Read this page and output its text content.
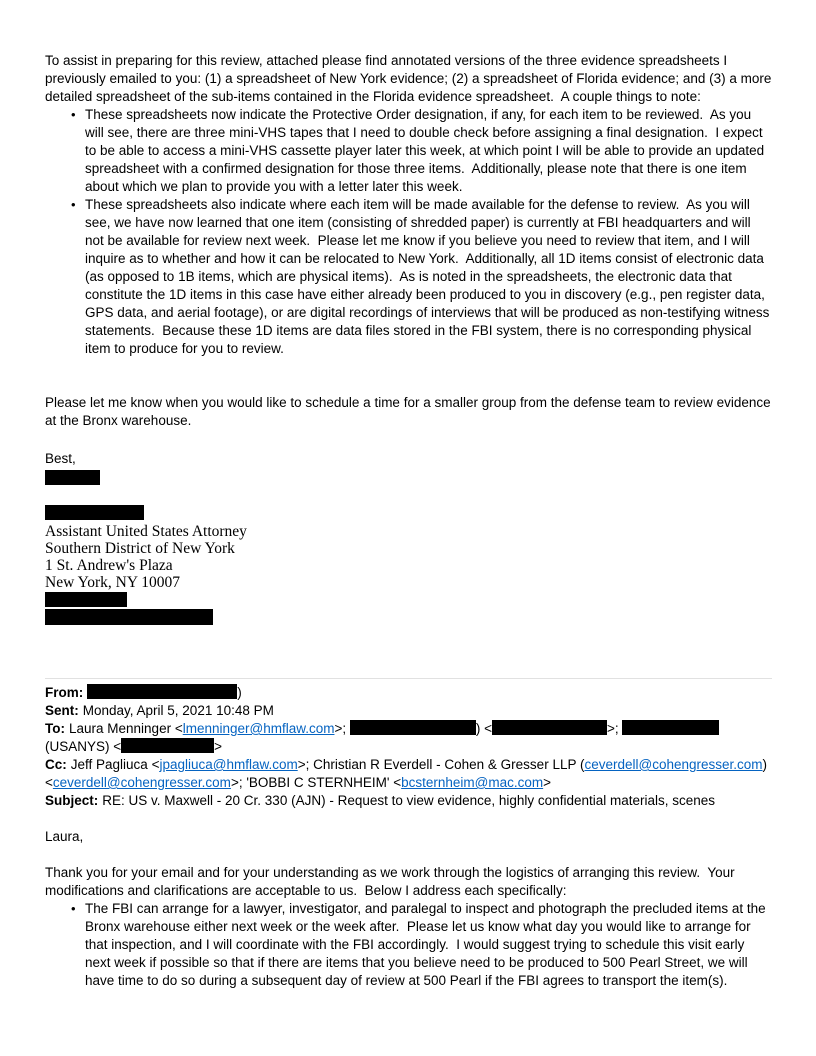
To assist in preparing for this review, attached please find annotated versions of the three evidence spreadsheets I previously emailed to you: (1) a spreadsheet of New York evidence; (2) a spreadsheet of Florida evidence; and (3) a more detailed spreadsheet of the sub-items contained in the Florida evidence spreadsheet.  A couple things to note:

• These spreadsheets now indicate the Protective Order designation, if any, for each item to be reviewed.  As you will see, there are three mini-VHS tapes that I need to double check before assigning a final designation.  I expect to be able to access a mini-VHS cassette player later this week, at which point I will be able to provide an updated spreadsheet with a confirmed designation for those three items.  Additionally, please note that there is one item about which we plan to provide you with a letter later this week.
• These spreadsheets also indicate where each item will be made available for the defense to review.  As you will see, we have now learned that one item (consisting of shredded paper) is currently at FBI headquarters and will not be available for review next week.  Please let me know if you believe you need to review that item, and I will inquire as to whether and how it can be relocated to New York.  Additionally, all 1D items consist of electronic data (as opposed to 1B items, which are physical items).  As is noted in the spreadsheets, the electronic data that constitute the 1D items in this case have either already been produced to you in discovery (e.g., pen register data, GPS data, and aerial footage), or are digital recordings of interviews that will be produced as non-testifying witness statements.  Because these 1D items are data files stored in the FBI system, there is no corresponding physical item to produce for you to review.

Please let me know when you would like to schedule a time for a smaller group from the defense team to review evidence at the Bronx warehouse.

Best,

Assistant United States Attorney
Southern District of New York
1 St. Andrew's Plaza
New York, NY 10007
From:	)
Sent: Monday, April 5, 2021 10:48 PM
To: Laura Menninger <lmenninger@hmflaw.com>;	) <	>;
(USANYS) <	>
Cc: Jeff Pagliuca <jpagliuca@hmflaw.com>; Christian R Everdell - Cohen & Gresser LLP (ceverdell@cohengresser.com)
<ceverdell@cohengresser.com>; 'BOBBI C STERNHEIM' <bcsternheim@mac.com>
Subject: RE: US v. Maxwell - 20 Cr. 330 (AJN) - Request to view evidence, highly confidential materials, scenes

Laura,

Thank you for your email and for your understanding as we work through the logistics of arranging this review.  Your modifications and clarifications are acceptable to us.  Below I address each specifically:

• The FBI can arrange for a lawyer, investigator, and paralegal to inspect and photograph the precluded items at the Bronx warehouse either next week or the week after.  Please let us know what day you would like to arrange for that inspection, and I will coordinate with the FBI accordingly.  I would suggest trying to schedule this visit early next week if possible so that if there are items that you believe need to be produced to 500 Pearl Street, we will have time to do so during a subsequent day of review at 500 Pearl if the FBI agrees to transport the item(s).
